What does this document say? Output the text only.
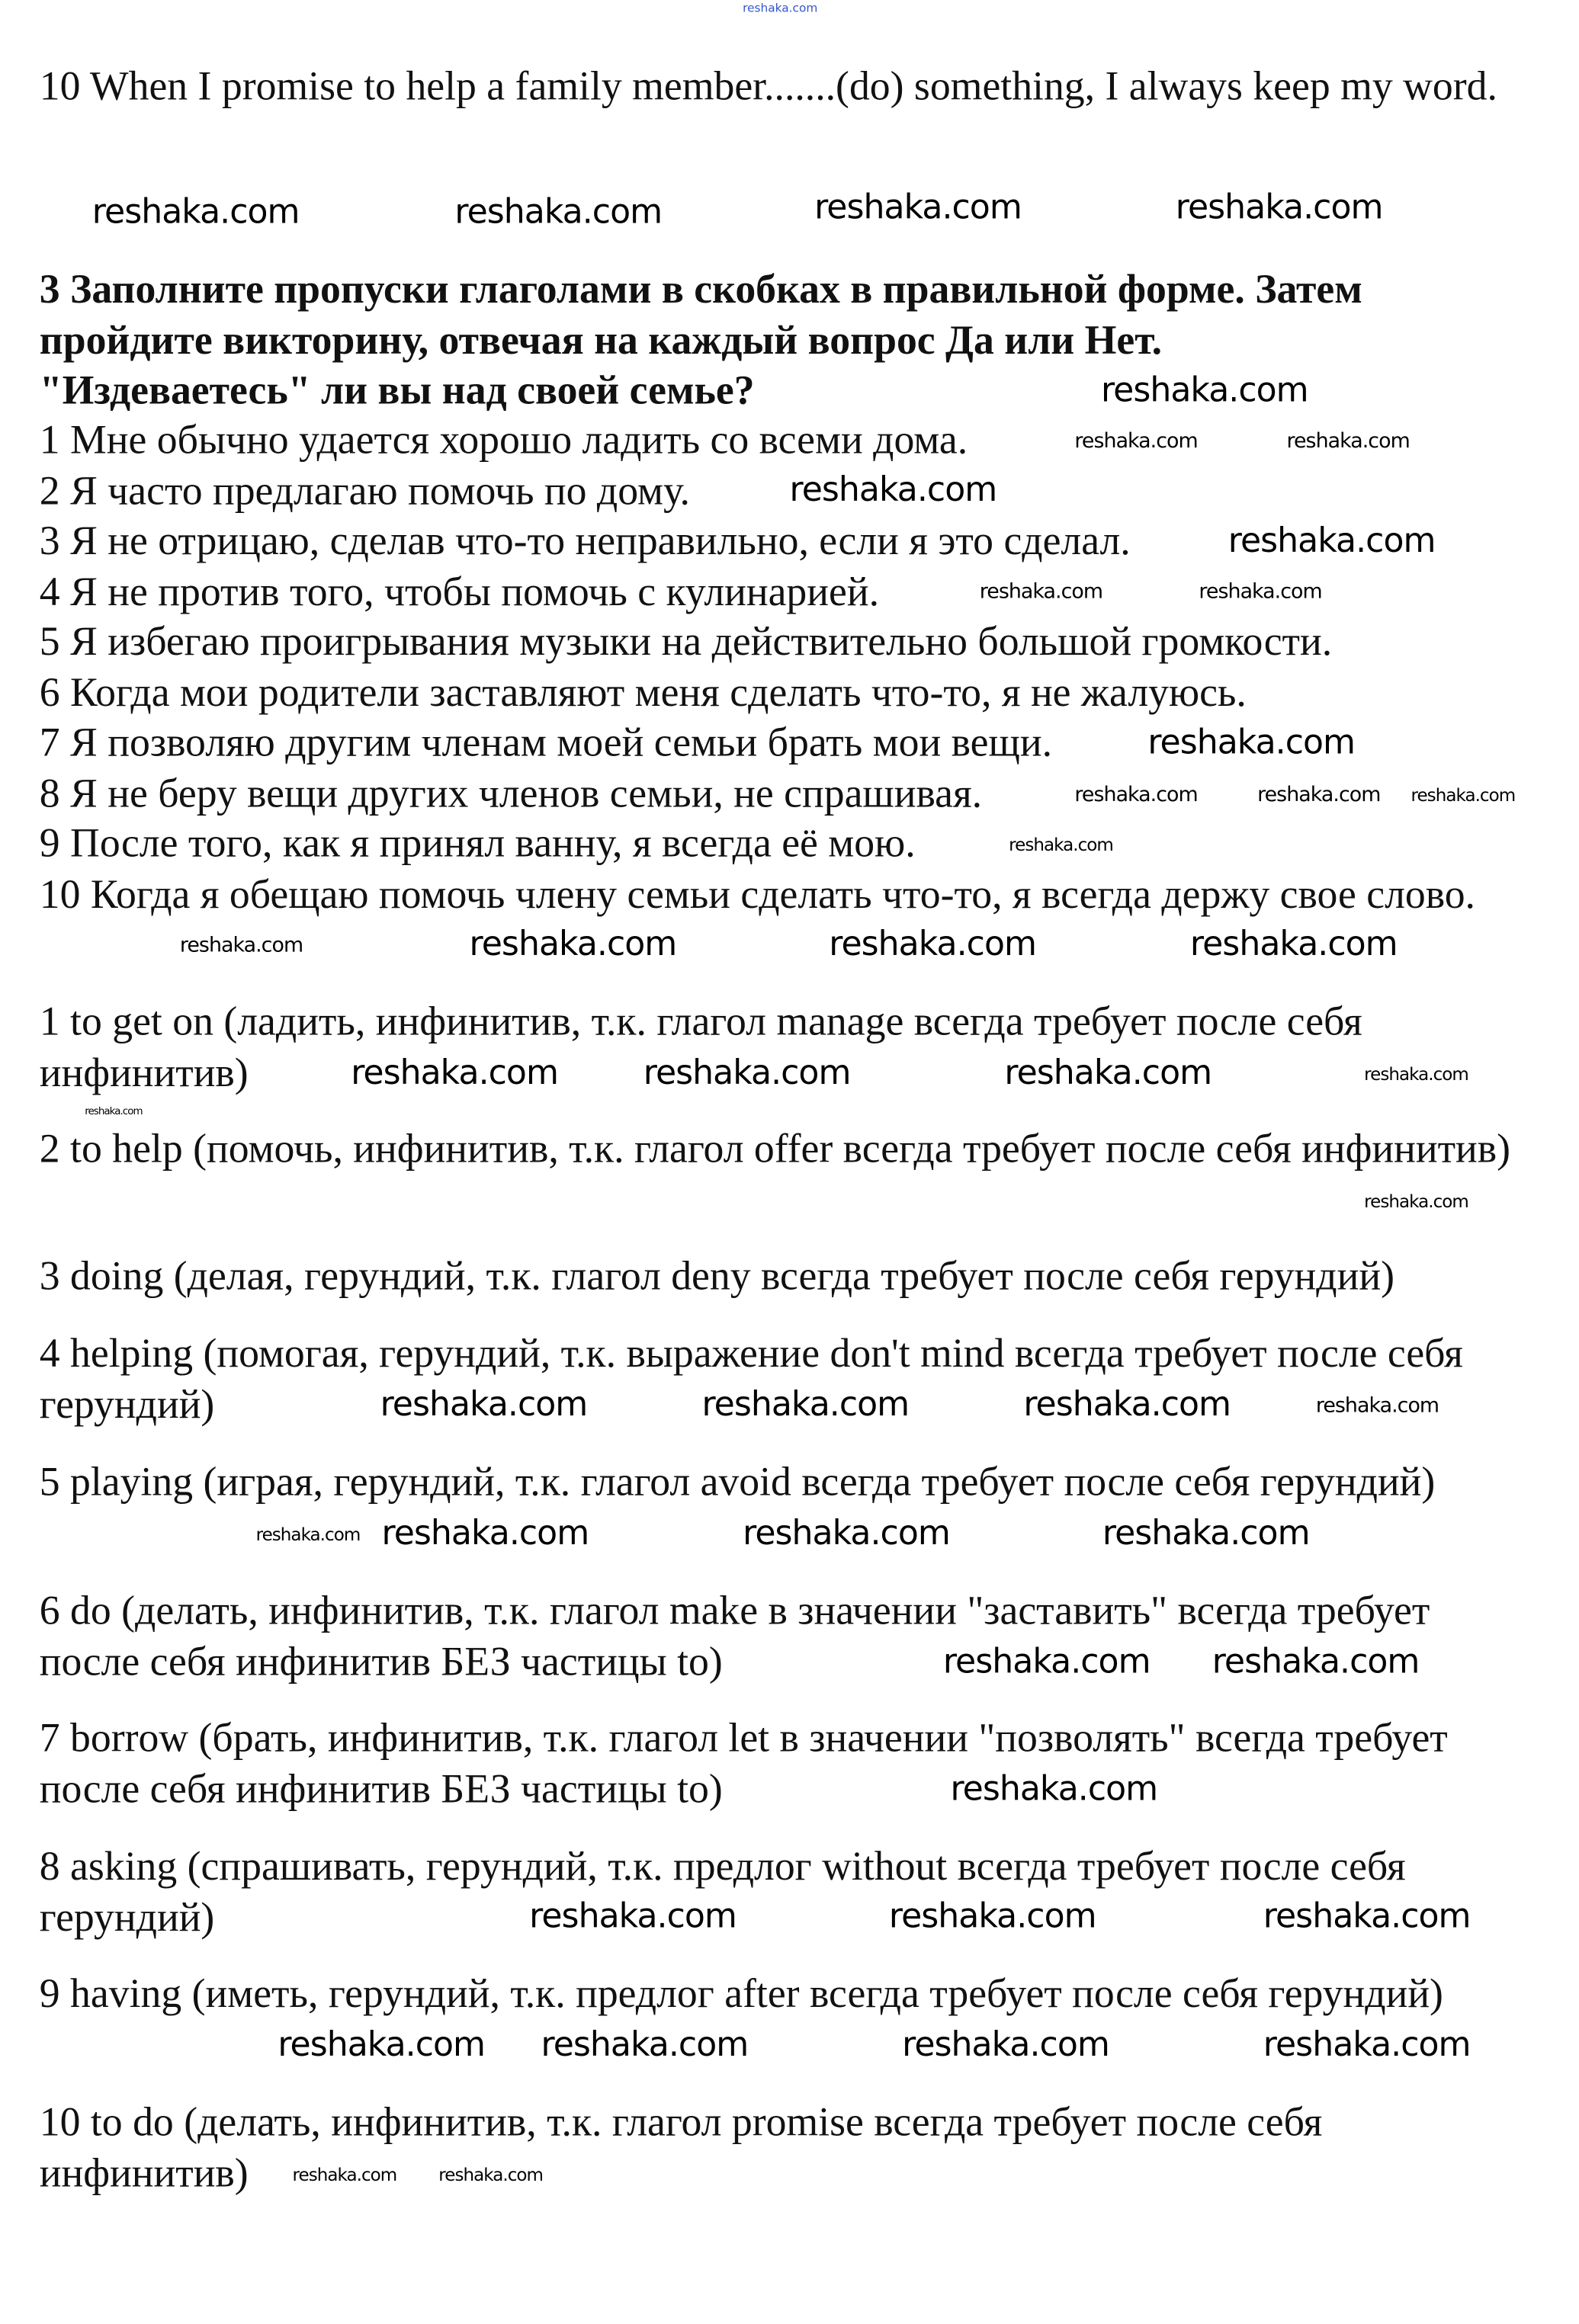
reshaka.com
10 When I promise to help a family member.......(do) something, I always keep my word.
3 Заполните пропуски глаголами в скобках в правильной форме. Затем пройдите викторину, отвечая на каждый вопрос Да или Нет.
"Издеваетесь" ли вы над своей семье?
1 Мне обычно удается хорошо ладить со всеми дома.
2 Я часто предлагаю помочь по дому.
3 Я не отрицаю, сделав что-то неправильно, если я это сделал.
4 Я не против того, чтобы помочь с кулинарией.
5 Я избегаю проигрывания музыки на действительно большой громкости.
6 Когда мои родители заставляют меня сделать что-то, я не жалуюсь.
7 Я позволяю другим членам моей семьи брать мои вещи.
8 Я не беру вещи других членов семьи, не спрашивая.
9 После того, как я принял ванну, я всегда её мою.
10 Когда я обещаю помочь члену семьи сделать что-то, я всегда держу свое слово.
1 to get on (ладить, инфинитив, т.к. глагол manage всегда требует после себя инфинитив)
2 to help (помочь, инфинитив, т.к. глагол offer всегда требует после себя инфинитив)
3 doing (делая, герундий, т.к. глагол deny всегда требует после себя герундий)
4 helping (помогая, герундий, т.к. выражение don't mind всегда требует после себя герундий)
5 playing (играя, герундий, т.к. глагол avoid всегда требует после себя герундий)
6 do (делать, инфинитив, т.к. глагол make в значении "заставить" всегда требует после себя инфинитив БЕЗ частицы to)
7 borrow (брать, инфинитив, т.к. глагол let в значении "позволять" всегда требует после себя инфинитив БЕЗ частицы to)
8 asking (спрашивать, герундий, т.к. предлог without всегда требует после себя герундий)
9 having (иметь, герундий, т.к. предлог after всегда требует после себя герундий)
10 to do (делать, инфинитив, т.к. глагол promise всегда требует после себя инфинитив)
reshaka.com	reshaka.com
reshaka.com	reshaka.com
reshaka.com
reshaka.com	reshaka.com
reshaka.com
reshaka.com
reshaka.com	reshaka.com
reshaka.com
reshaka.com	reshaka.com	reshaka.com
reshaka.com
reshaka.com	reshaka.com	reshaka.com	reshaka.com
reshaka.com	reshaka.com	reshaka.com	reshaka.com
reshaka.com
reshaka.com
reshaka.com	reshaka.com	reshaka.com	reshaka.com
reshaka.com reshaka.com	reshaka.com	reshaka.com
reshaka.com	reshaka.com
reshaka.com
reshaka.com	reshaka.com	reshaka.com
reshaka.com	reshaka.com	reshaka.com	reshaka.com
reshaka.com	reshaka.com
